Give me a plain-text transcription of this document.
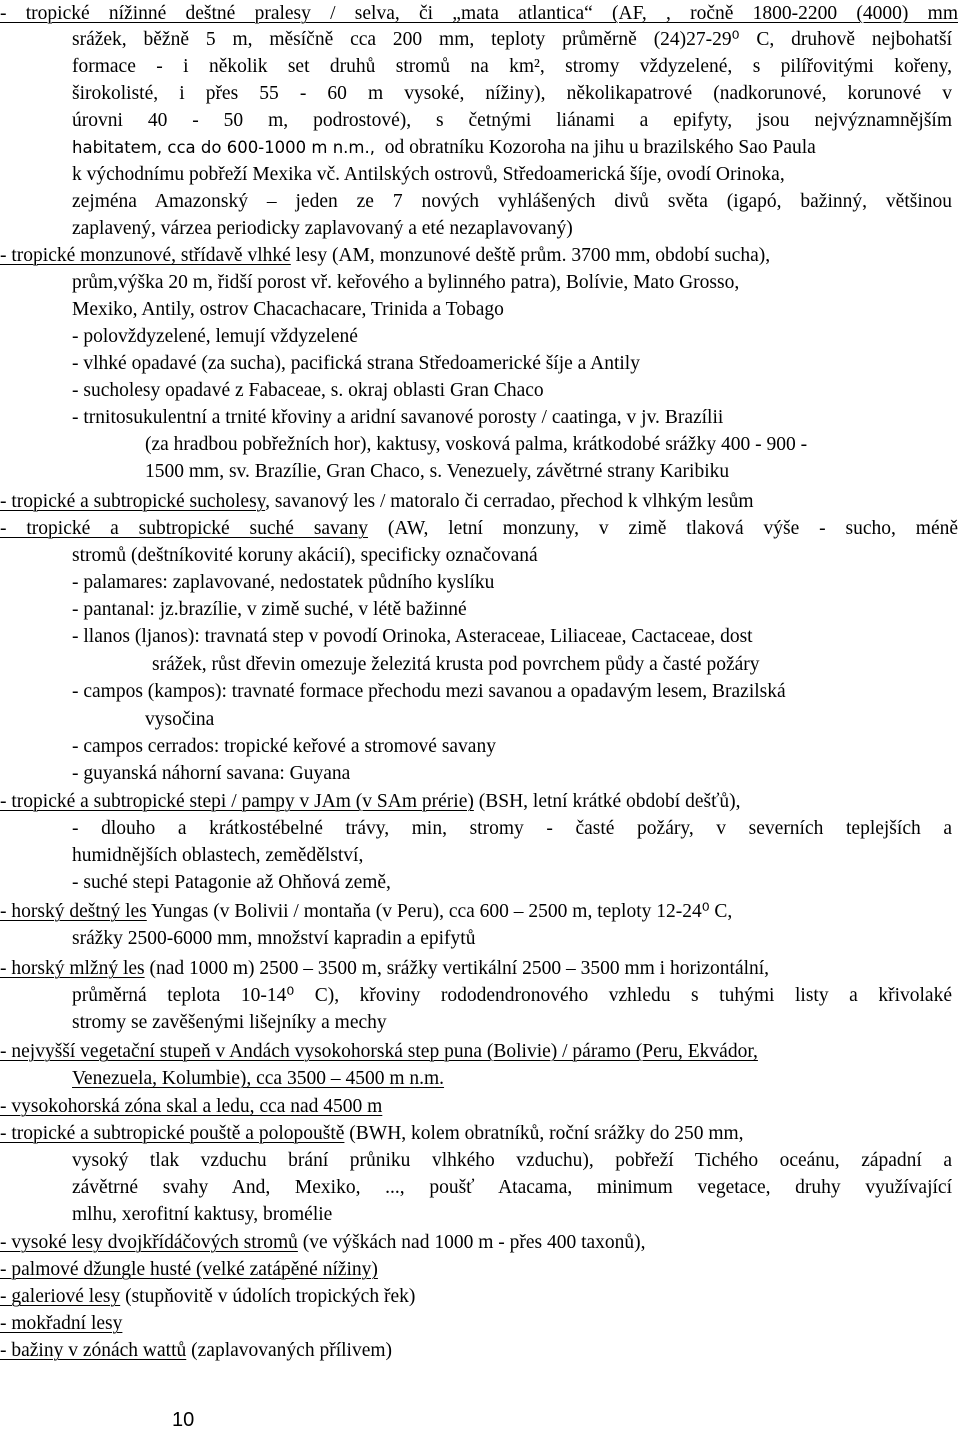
- tropické nížinné deštné pralesy / selva, či „mata atlantica“ (AF, , ročně 1800-2200 (4000) mm
srážek, běžně 5 m, měsíčně cca 200 mm, teploty průměrně (24)27-29⁰ C, druhově nejbohatší
formace - i několik set druhů stromů na km², stromy vždyzelené, s pilířovitými kořeny,
širokolisté, i přes 55 - 60 m vysoké, nížiny), několikapatrové (nadkorunové, korunové v
úrovni 40 - 50 m, podrostové), s četnými liánami a epifyty, jsou nejvýznamnějším
habitatem, cca do 600-1000 m n.m., od obratníku Kozoroha na jihu u brazilského Sao Paula
k východnímu pobřeží Mexika vč. Antilských ostrovů, Středoamerická šíje, ovodí Orinoka,
zejména Amazonský – jeden ze 7 nových vyhlášených divů světa (igapó, bažinný, většinou
zaplavený, várzea periodicky zaplavovaný a eté nezaplavovaný)
- tropické monzunové, střídavě vlhké lesy (AM, monzunové deště prům. 3700 mm, období sucha),
prům,výška 20 m, řidší porost vř. keřového a bylinného patra), Bolívie, Mato Grosso,
Mexiko, Antily, ostrov Chacachacare, Trinida a Tobago
- polovždyzelené, lemují vždyzelené
- vlhké opadavé (za sucha), pacifická strana Středoamerické šíje a Antily
- sucholesy opadavé z Fabaceae, s. okraj oblasti Gran Chaco
- trnitosukulentní a trnité křoviny a aridní savanové porosty / caatinga, v jv. Brazílii
(za hradbou pobřežních hor), kaktusy, vosková palma, krátkodobé srážky 400 - 900 -
1500 mm, sv. Brazílie, Gran Chaco, s. Venezuely, závětrné strany Karibiku
- tropické a subtropické sucholesy, savanový les / matoralo či cerradao, přechod k vlhkým lesům
- tropické a subtropické suché savany (AW, letní monzuny, v zimě tlaková výše - sucho, méně
stromů (deštníkovité koruny akácií), specificky označovaná
- palamares: zaplavované, nedostatek půdního kyslíku
- pantanal: jz.brazílie, v zimě suché, v létě bažinné
- llanos (ljanos): travnatá step v povodí Orinoka, Asteraceae, Liliaceae, Cactaceae, dost
srážek, růst dřevin omezuje železitá krusta pod povrchem půdy a časté požáry
- campos (kampos): travnaté formace přechodu mezi savanou a opadavým lesem, Brazilská
vysočina
- campos cerrados: tropické keřové a stromové savany
- guyanská náhorní savana: Guyana
- tropické a subtropické stepi / pampy v JAm (v SAm prérie) (BSH, letní krátké období dešťů),
- dlouho a krátkostébelné trávy, min, stromy - časté požáry, v severních teplejších a
humidnějších oblastech, zemědělství,
- suché stepi Patagonie až Ohňová země,
- horský deštný les Yungas (v Bolivii / montaňa (v Peru), cca 600 – 2500 m, teploty 12-24⁰ C,
srážky 2500-6000 mm, množství kapradin a epifytů
- horský mlžný les (nad 1000 m) 2500 – 3500 m, srážky vertikální 2500 – 3500 mm i horizontální,
průměrná teplota 10-14⁰ C), křoviny rododendronového vzhledu s tuhými listy a křivolaké
stromy se zavěšenými lišejníky a mechy
- nejvyšší vegetační stupeň v Andách vysokohorská step puna (Bolivie) / páramo (Peru, Ekvádor,
Venezuela, Kolumbie), cca 3500 – 4500 m n.m.
- vysokohorská zóna skal a ledu, cca nad 4500 m
- tropické a subtropické pouště a polopouště (BWH, kolem obratníků, roční srážky do 250 mm,
vysoký tlak vzduchu brání průniku vlhkého vzduchu), pobřeží Tichého oceánu, západní a
závětrné svahy And, Mexiko, ..., poušť Atacama, minimum vegetace, druhy využívající
mlhu, xerofitní kaktusy, bromélie
- vysoké lesy dvojkřídáčových stromů (ve výškách nad 1000 m - přes 400 taxonů),
- palmové džungle husté (velké zatápěné nížiny)
- galeriové lesy (stupňovitě v údolích tropických řek)
- mokřadní lesy
- bažiny v zónách wattů (zaplavovaných přílivem)
10
